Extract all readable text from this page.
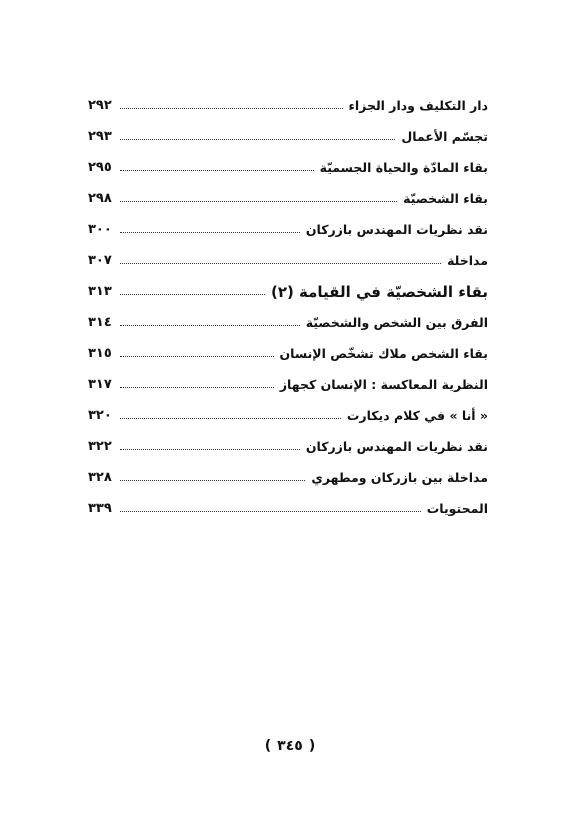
دار التكليف ودار الجزاء
٢٩٢
تجسّم الأعمال
٢٩٣
بقاء المادّة والحياة الجسميّة
٢٩٥
بقاء الشخصيّة
٢٩٨
نقد نظريات المهندس بازركان
٣٠٠
مداخلة
٣٠٧
بقاء الشخصيّة في القيامة (٢)
٣١٣
الفرق بين الشخص والشخصيّة
٣١٤
بقاء الشخص ملاك تشخّص الإنسان
٣١٥
النظرية المعاكسة : الإنسان كجهاز
٣١٧
« أنا » في كلام ديكارت
٣٢٠
نقد نظريات المهندس بازركان
٣٢٢
مداخلة بين بازركان ومطهري
٣٢٨
المحتويات
٣٣٩
(٣٤٥)
